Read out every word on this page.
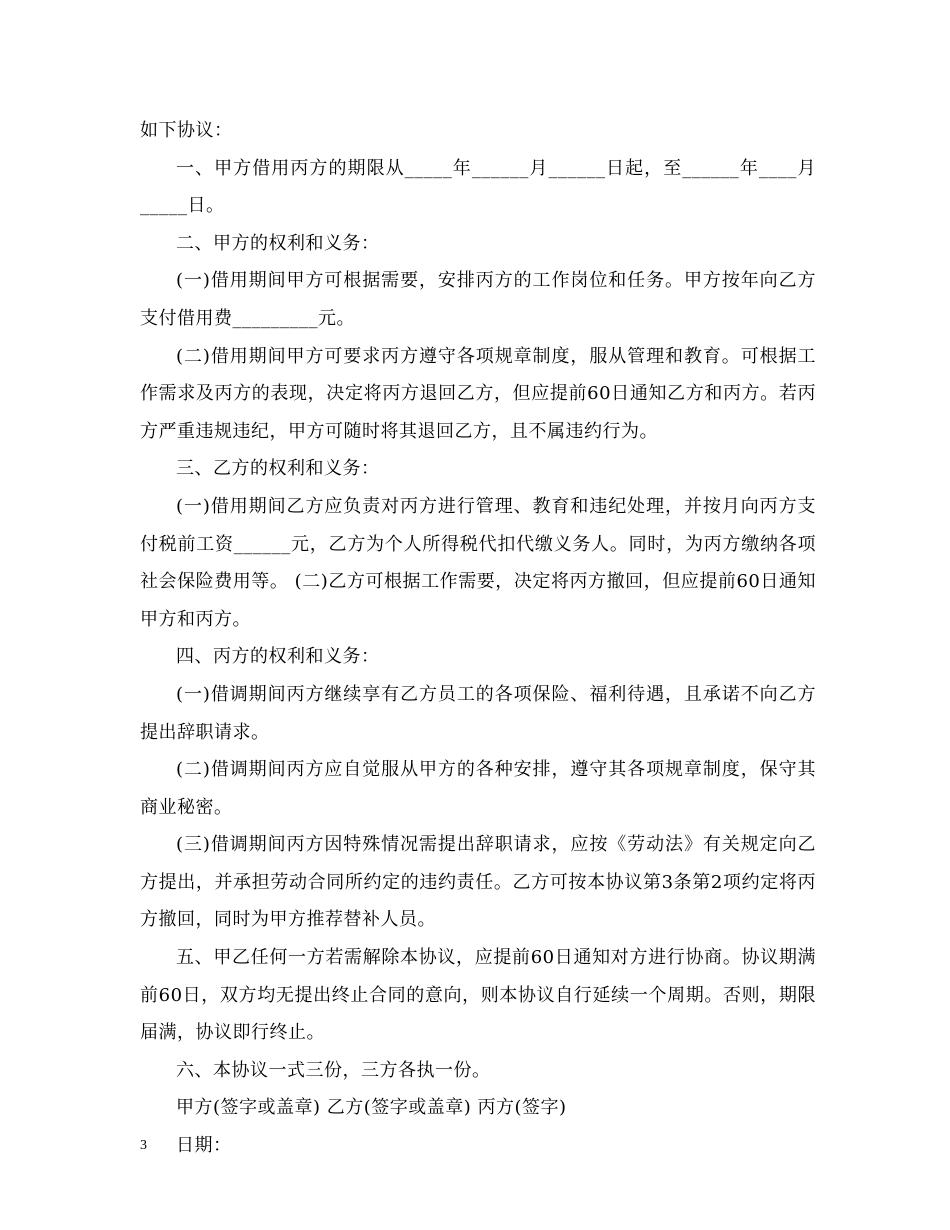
如下协议：

一、甲方借用丙方的期限从_____年______月______日起，至______年____月_____日。

二、甲方的权利和义务：

(一)借用期间甲方可根据需要，安排丙方的工作岗位和任务。甲方按年向乙方支付借用费_________元。

(二)借用期间甲方可要求丙方遵守各项规章制度，服从管理和教育。可根据工作需求及丙方的表现，决定将丙方退回乙方，但应提前60日通知乙方和丙方。若丙方严重违规违纪，甲方可随时将其退回乙方，且不属违约行为。

三、乙方的权利和义务：

(一)借用期间乙方应负责对丙方进行管理、教育和违纪处理，并按月向丙方支付税前工资______元，乙方为个人所得税代扣代缴义务人。同时，为丙方缴纳各项社会保险费用等。 (二)乙方可根据工作需要，决定将丙方撤回，但应提前60日通知甲方和丙方。

四、丙方的权利和义务：

(一)借调期间丙方继续享有乙方员工的各项保险、福利待遇，且承诺不向乙方提出辞职请求。

(二)借调期间丙方应自觉服从甲方的各种安排，遵守其各项规章制度，保守其商业秘密。

(三)借调期间丙方因特殊情况需提出辞职请求，应按《劳动法》有关规定向乙方提出，并承担劳动合同所约定的违约责任。乙方可按本协议第3条第2项约定将丙方撤回，同时为甲方推荐替补人员。

五、甲乙任何一方若需解除本协议，应提前60日通知对方进行协商。协议期满前60日，双方均无提出终止合同的意向，则本协议自行延续一个周期。否则，期限届满，协议即行终止。

六、本协议一式三份，三方各执一份。

甲方(签字或盖章) 乙方(签字或盖章) 丙方(签字)

日期：

3
